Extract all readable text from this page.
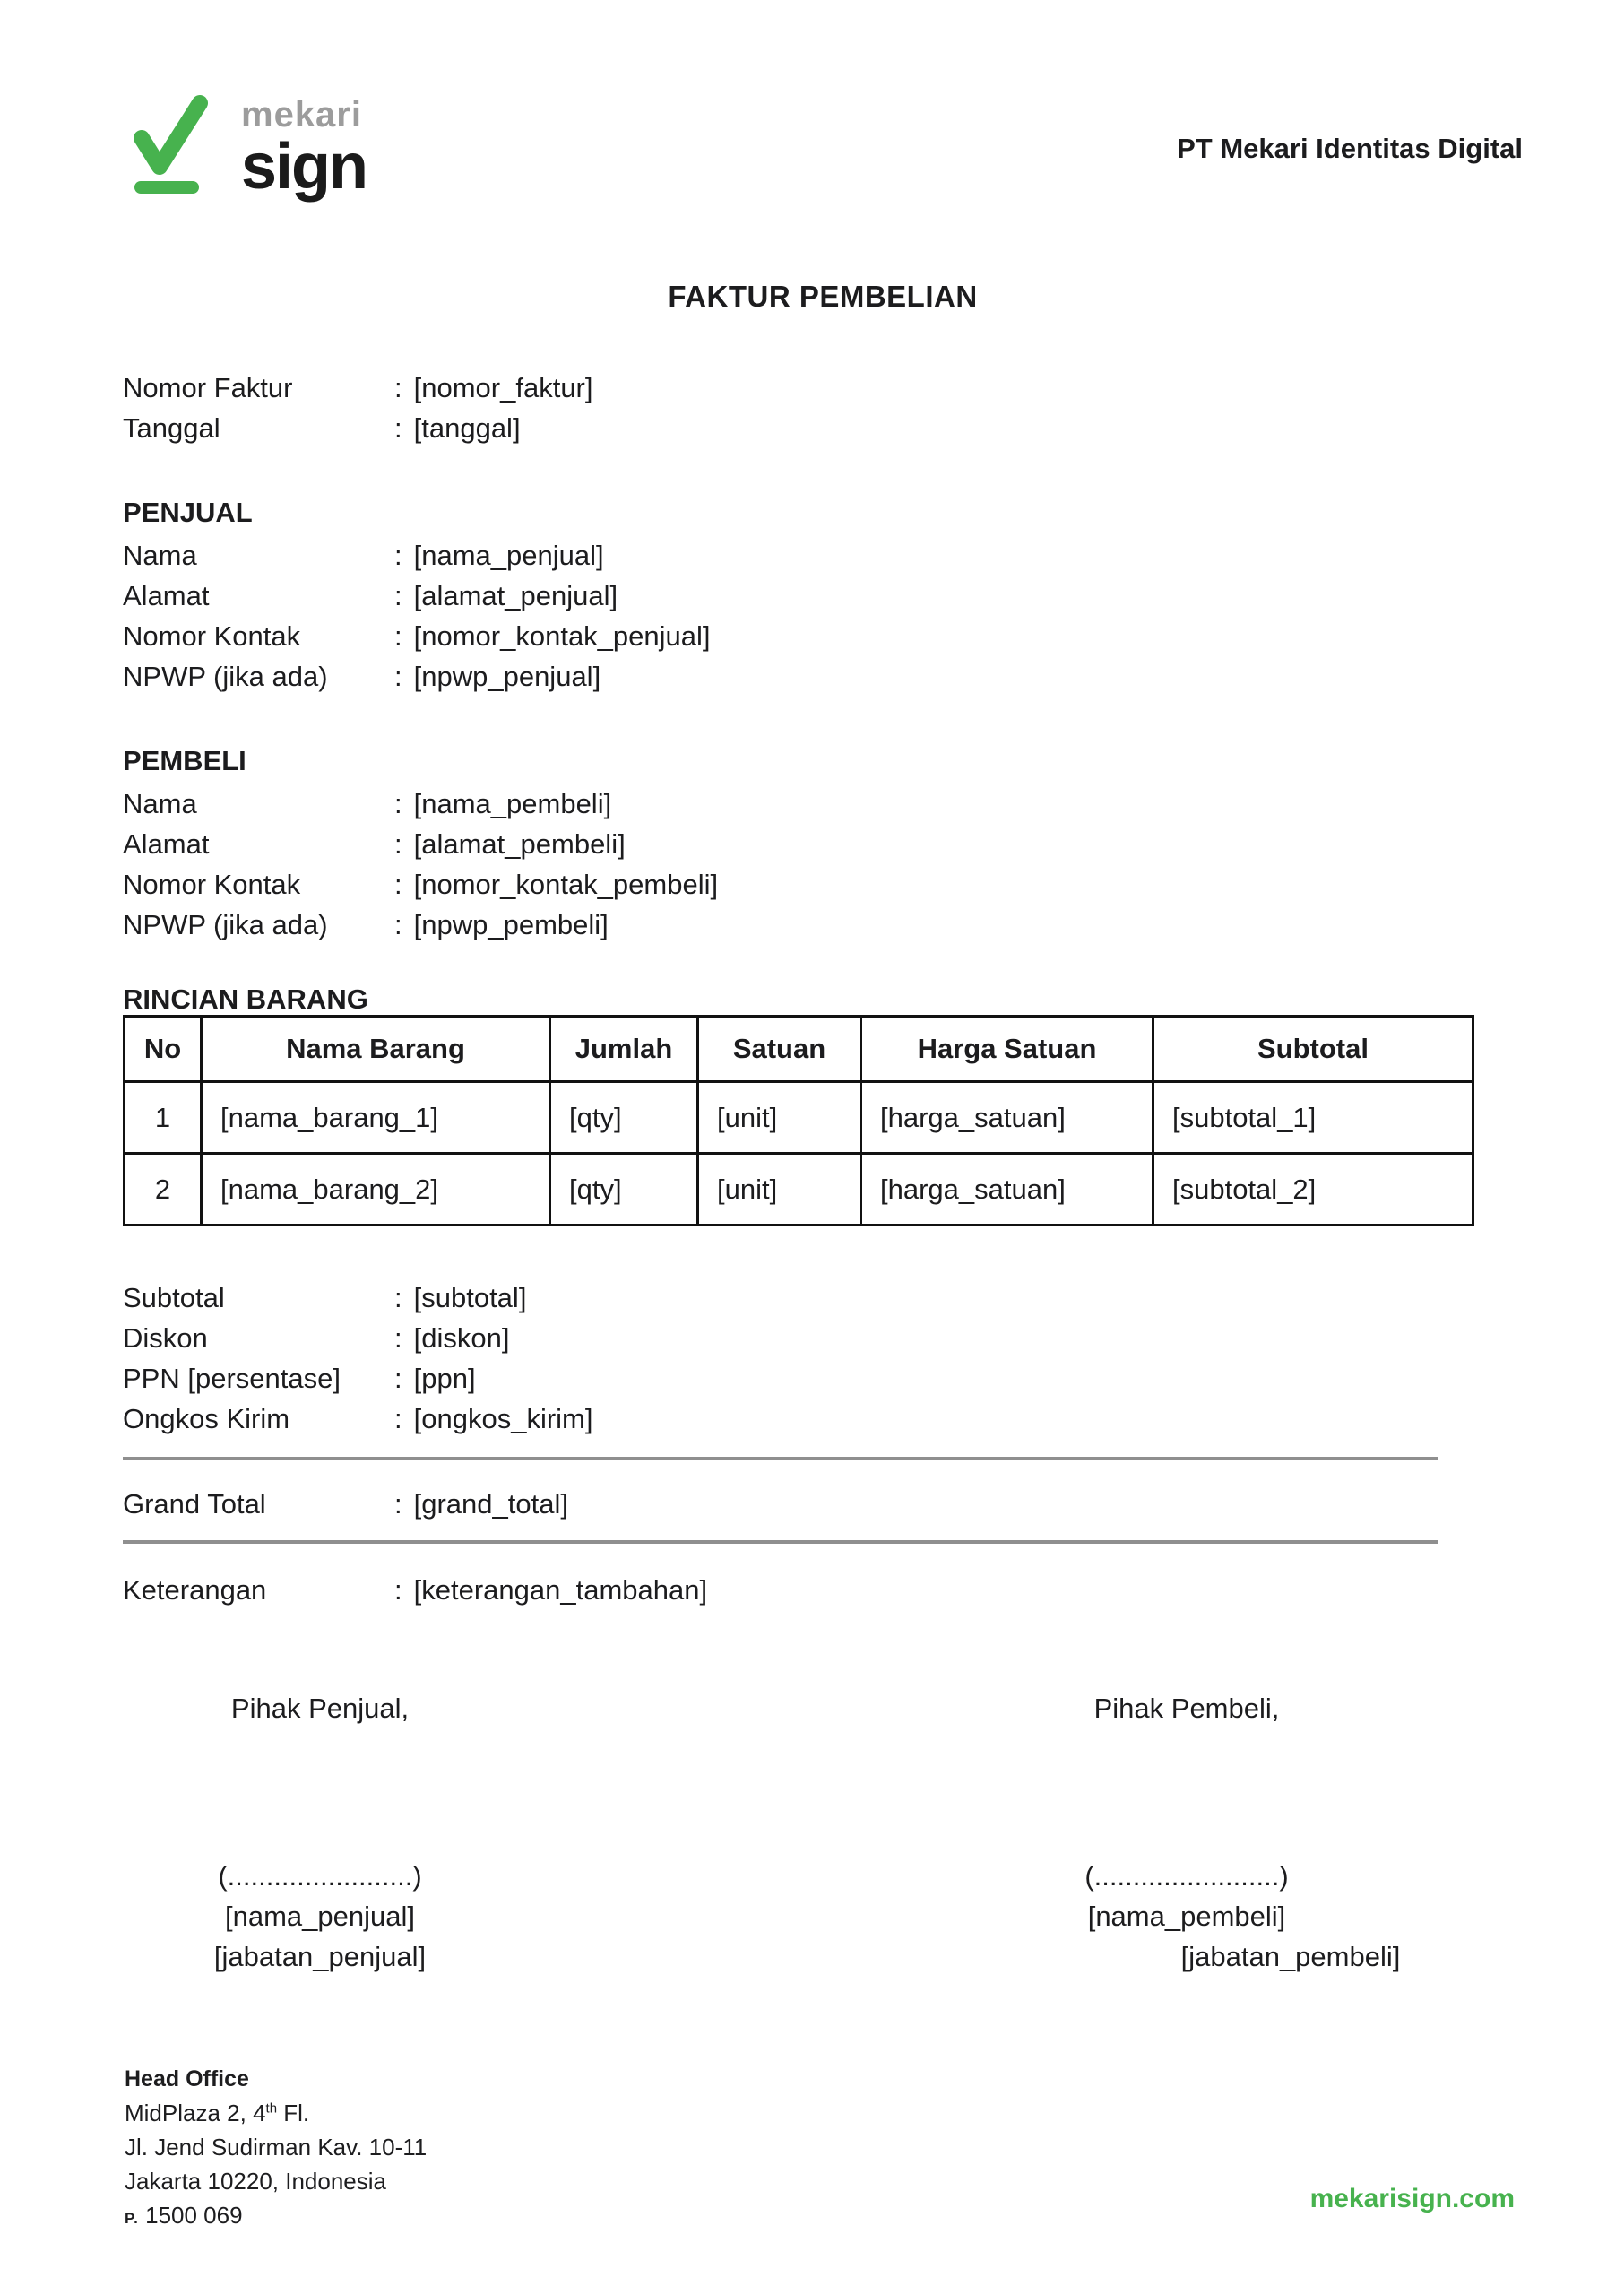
mekari
sign	PT Mekari Identitas Digital
FAKTUR PEMBELIAN
Nomor Faktur	: [nomor_faktur]
Tanggal	: [tanggal]
PENJUAL
Nama	: [nama_penjual]
Alamat	: [alamat_penjual]
Nomor Kontak	: [nomor_kontak_penjual]
NPWP (jika ada)	: [npwp_penjual]
PEMBELI
Nama	: [nama_pembeli]
Alamat	: [alamat_pembeli]
Nomor Kontak	: [nomor_kontak_pembeli]
NPWP (jika ada)	: [npwp_pembeli]
RINCIAN BARANG
No	Nama Barang	Jumlah	Satuan	Harga Satuan	Subtotal
1	[nama_barang_1]	[qty]	[unit]	[harga_satuan]	[subtotal_1]
2	[nama_barang_2]	[qty]	[unit]	[harga_satuan]	[subtotal_2]
Subtotal	: [subtotal]
Diskon	: [diskon]
PPN [persentase]	: [ppn]
Ongkos Kirim	: [ongkos_kirim]
Grand Total	: [grand_total]
Keterangan	: [keterangan_tambahan]
Pihak Penjual,
(........................)
[nama_penjual]
[jabatan_penjual]
Pihak Pembeli,
(........................)
[nama_pembeli]
[jabatan_pembeli]
Head Office
MidPlaza 2, 4th Fl.
Jl. Jend Sudirman Kav. 10-11
Jakarta 10220, Indonesia
P. 1500 069
mekarisign.com
